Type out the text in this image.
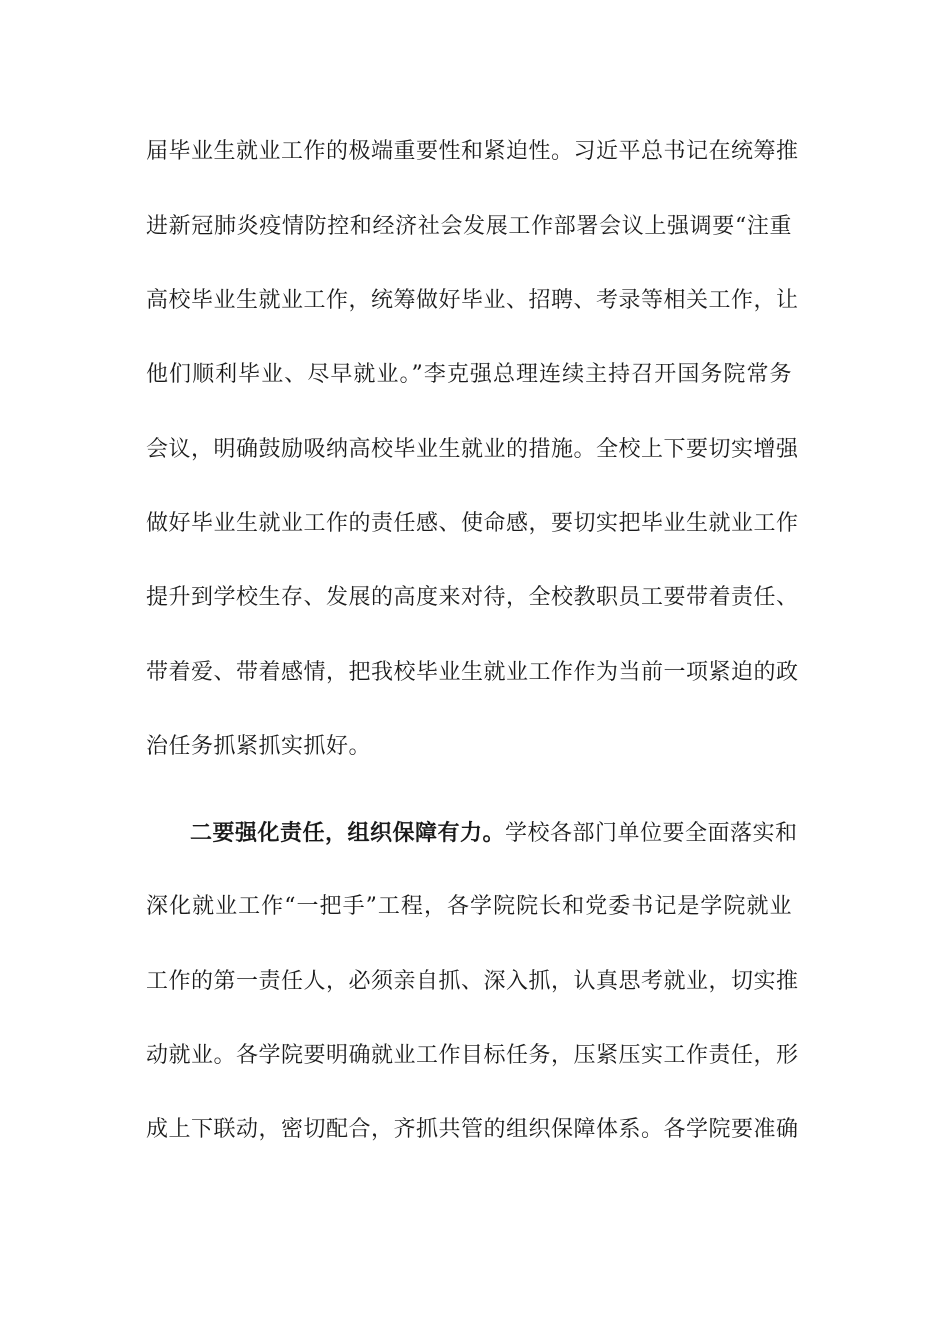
届毕业生就业工作的极端重要性和紧迫性。习近平总书记在统筹推
进新冠肺炎疫情防控和经济社会发展工作部署会议上强调要“注重
高校毕业生就业工作，统筹做好毕业、招聘、考录等相关工作，让
他们顺利毕业、尽早就业。”李克强总理连续主持召开国务院常务
会议，明确鼓励吸纳高校毕业生就业的措施。全校上下要切实增强
做好毕业生就业工作的责任感、使命感，要切实把毕业生就业工作
提升到学校生存、发展的高度来对待，全校教职员工要带着责任、
带着爱、带着感情，把我校毕业生就业工作作为当前一项紧迫的政
治任务抓紧抓实抓好。
二要强化责任，组织保障有力。学校各部门单位要全面落实和
深化就业工作“一把手”工程，各学院院长和党委书记是学院就业
工作的第一责任人，必须亲自抓、深入抓，认真思考就业，切实推
动就业。各学院要明确就业工作目标任务，压紧压实工作责任，形
成上下联动，密切配合，齐抓共管的组织保障体系。各学院要准确
